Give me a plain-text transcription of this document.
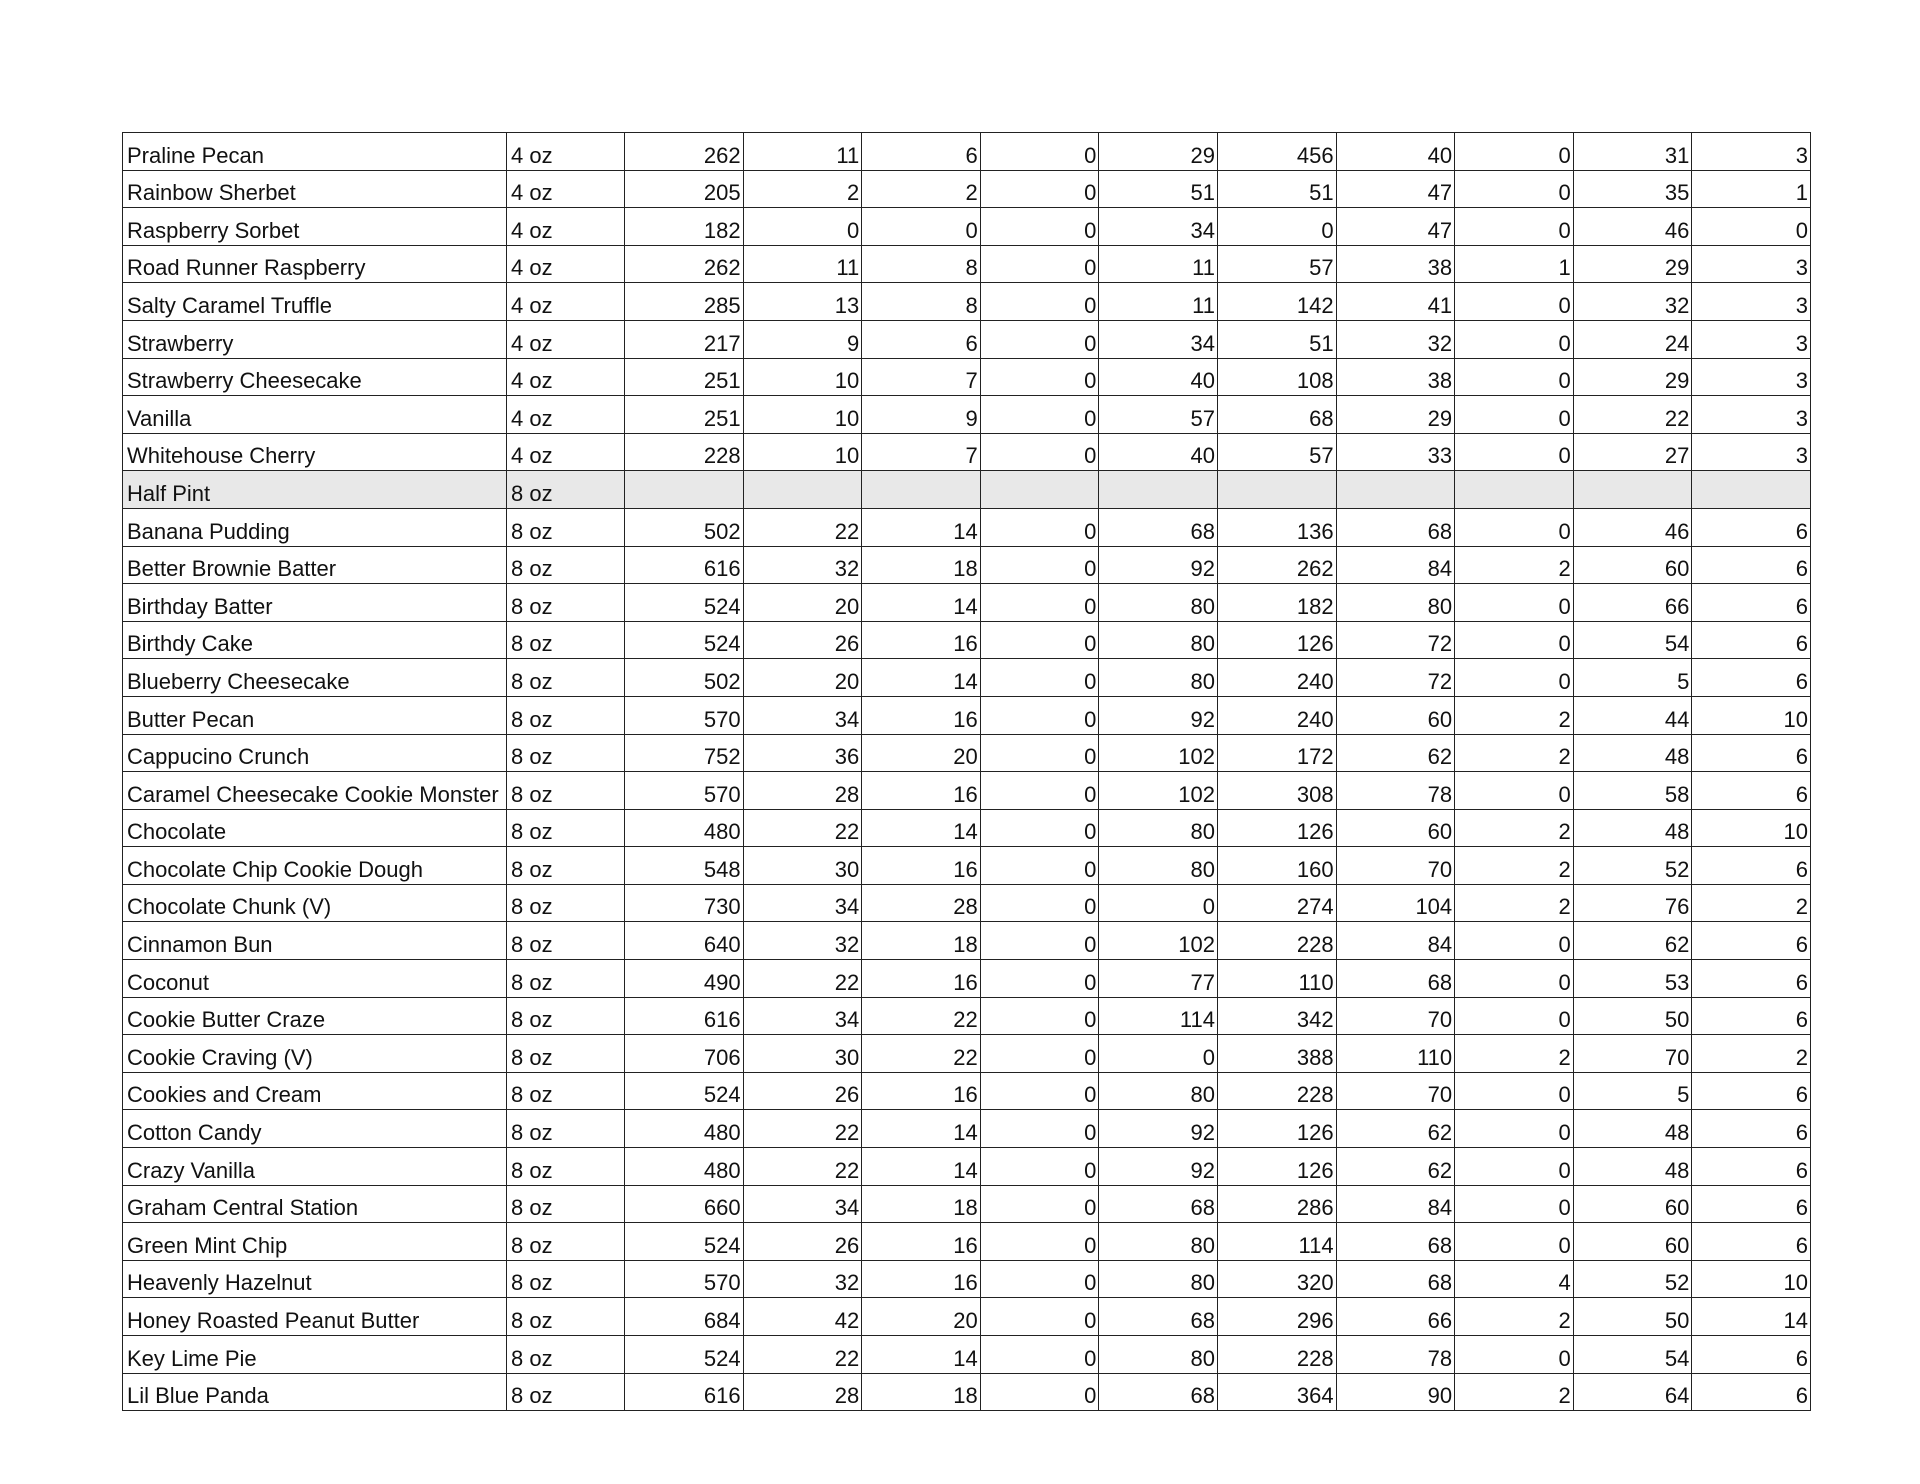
Praline Pecan	4 oz	262	11	6	0	29	456	40	0	31	3
Rainbow Sherbet	4 oz	205	2	2	0	51	51	47	0	35	1
Raspberry Sorbet	4 oz	182	0	0	0	34	0	47	0	46	0
Road Runner Raspberry	4 oz	262	11	8	0	11	57	38	1	29	3
Salty Caramel Truffle	4 oz	285	13	8	0	11	142	41	0	32	3
Strawberry	4 oz	217	9	6	0	34	51	32	0	24	3
Strawberry Cheesecake	4 oz	251	10	7	0	40	108	38	0	29	3
Vanilla	4 oz	251	10	9	0	57	68	29	0	22	3
Whitehouse Cherry	4 oz	228	10	7	0	40	57	33	0	27	3
Half Pint	8 oz										
Banana Pudding	8 oz	502	22	14	0	68	136	68	0	46	6
Better Brownie Batter	8 oz	616	32	18	0	92	262	84	2	60	6
Birthday Batter	8 oz	524	20	14	0	80	182	80	0	66	6
Birthdy Cake	8 oz	524	26	16	0	80	126	72	0	54	6
Blueberry Cheesecake	8 oz	502	20	14	0	80	240	72	0	5	6
Butter Pecan	8 oz	570	34	16	0	92	240	60	2	44	10
Cappucino Crunch	8 oz	752	36	20	0	102	172	62	2	48	6
Caramel Cheesecake Cookie Monster	8 oz	570	28	16	0	102	308	78	0	58	6
Chocolate	8 oz	480	22	14	0	80	126	60	2	48	10
Chocolate Chip Cookie Dough	8 oz	548	30	16	0	80	160	70	2	52	6
Chocolate Chunk (V)	8 oz	730	34	28	0	0	274	104	2	76	2
Cinnamon Bun	8 oz	640	32	18	0	102	228	84	0	62	6
Coconut	8 oz	490	22	16	0	77	110	68	0	53	6
Cookie Butter Craze	8 oz	616	34	22	0	114	342	70	0	50	6
Cookie Craving (V)	8 oz	706	30	22	0	0	388	110	2	70	2
Cookies and Cream	8 oz	524	26	16	0	80	228	70	0	5	6
Cotton Candy	8 oz	480	22	14	0	92	126	62	0	48	6
Crazy Vanilla	8 oz	480	22	14	0	92	126	62	0	48	6
Graham Central Station	8 oz	660	34	18	0	68	286	84	0	60	6
Green Mint Chip	8 oz	524	26	16	0	80	114	68	0	60	6
Heavenly Hazelnut	8 oz	570	32	16	0	80	320	68	4	52	10
Honey Roasted Peanut Butter	8 oz	684	42	20	0	68	296	66	2	50	14
Key Lime Pie	8 oz	524	22	14	0	80	228	78	0	54	6
Lil Blue Panda	8 oz	616	28	18	0	68	364	90	2	64	6
